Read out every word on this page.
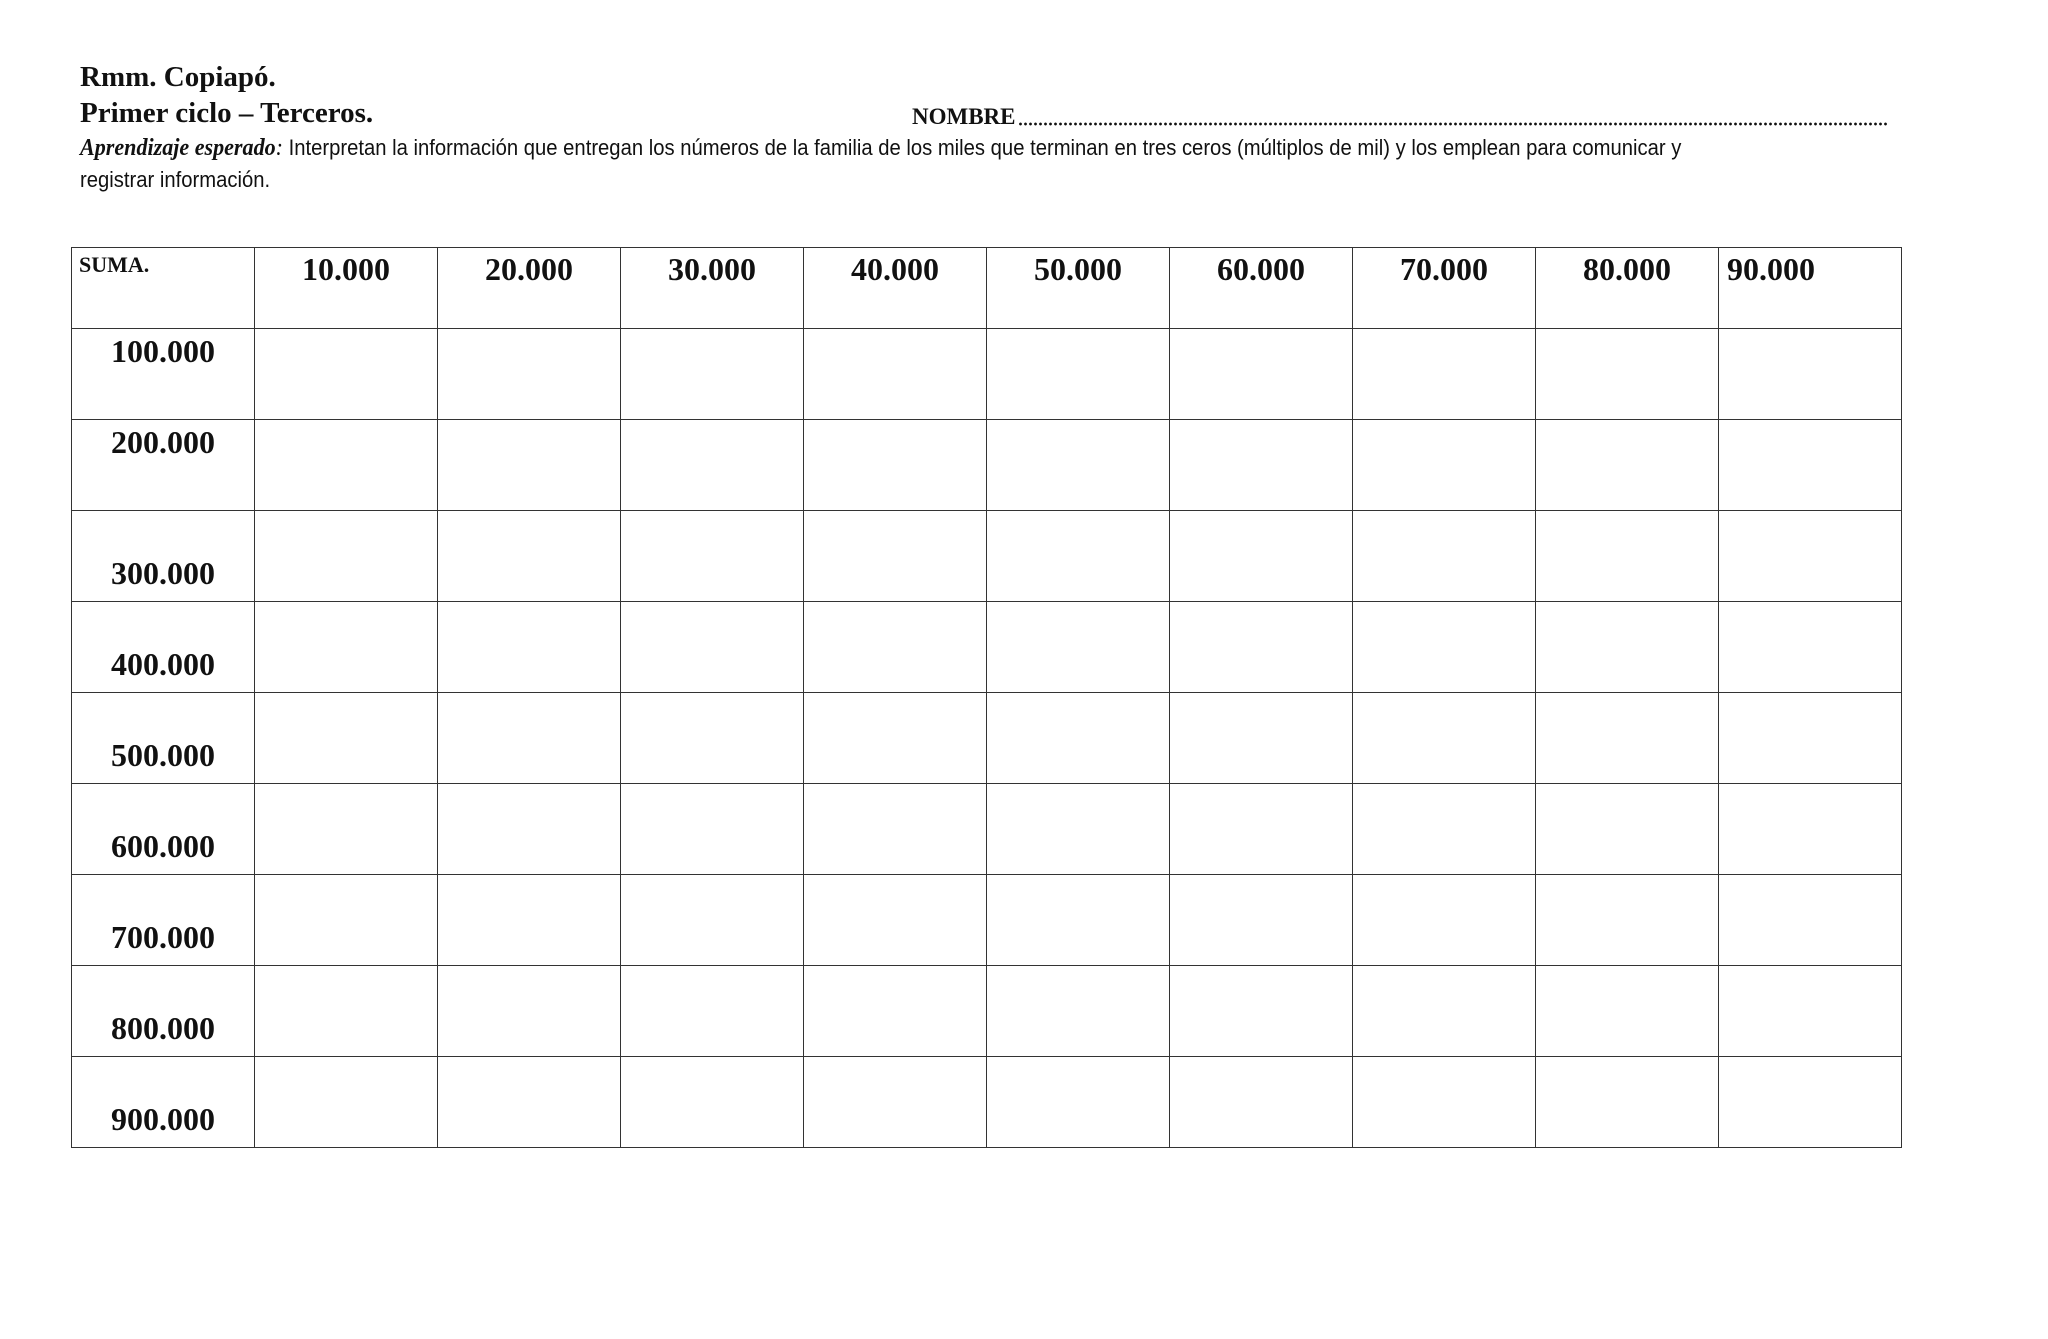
Rmm. Copiapó.
Primer ciclo – Terceros.	NOMBRE
Aprendizaje esperado: Interpretan la información que entregan los números de la familia de los miles que terminan en tres ceros (múltiplos de mil) y los emplean para comunicar y registrar información.
SUMA.	10.000	20.000	30.000	40.000	50.000	60.000	70.000	80.000	90.000

100.000									

200.000									

300.000									

400.000									

500.000									

600.000									

700.000									

800.000									

900.000									
